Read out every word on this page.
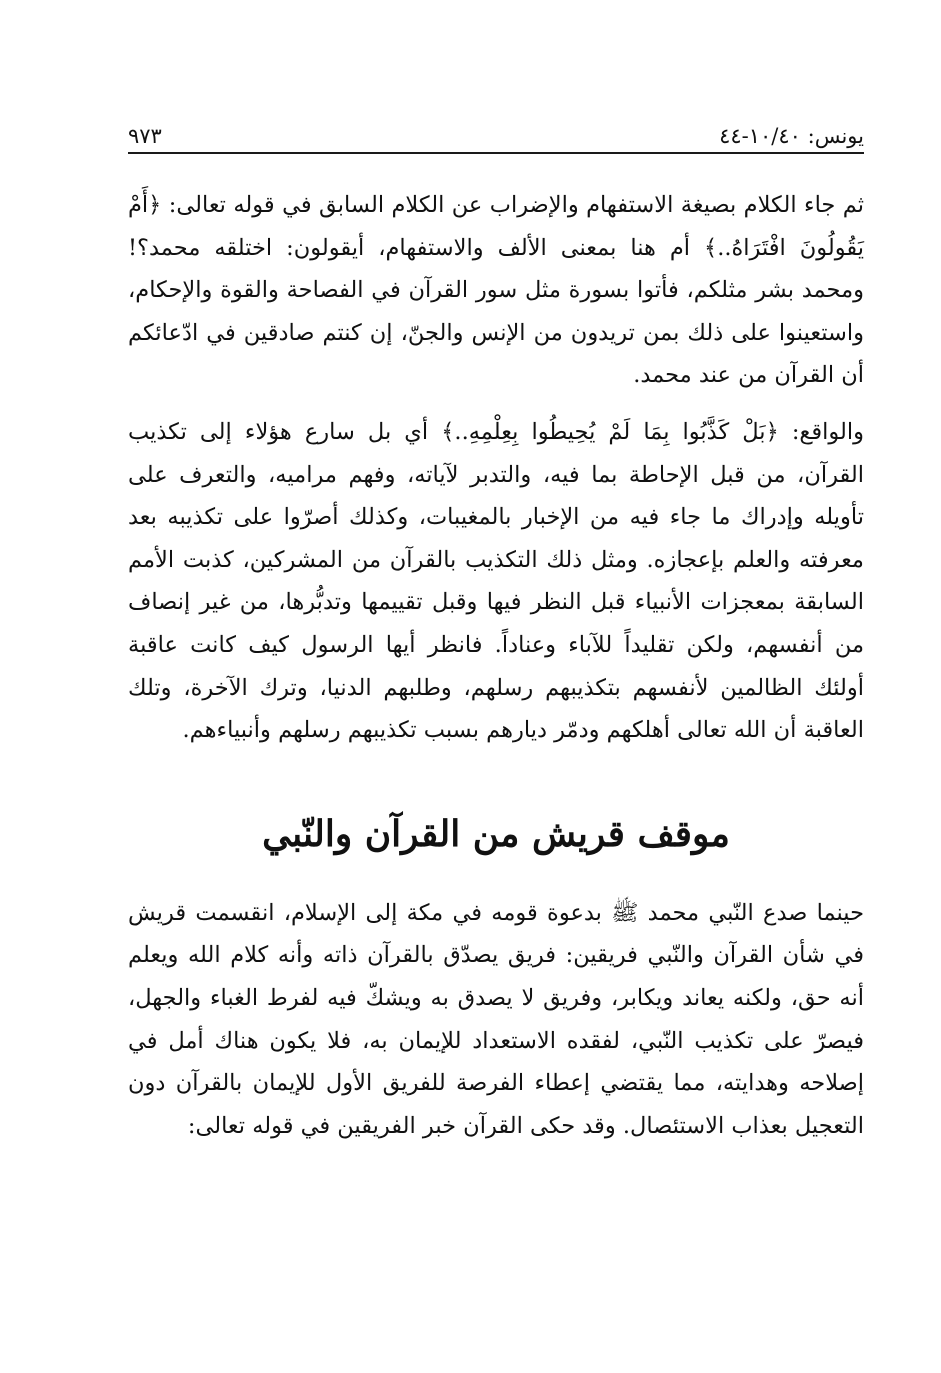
يونس: ١٠/٤٠-٤٤
٩٧٣

ثم جاء الكلام بصيغة الاستفهام والإضراب عن الكلام السابق في قوله تعالى: ﴿أَمْ يَقُولُونَ افْتَرَاهُ..﴾ أم هنا بمعنى الألف والاستفهام، أيقولون: اختلقه محمد؟! ومحمد بشر مثلكم، فأتوا بسورة مثل سور القرآن في الفصاحة والقوة والإحكام، واستعينوا على ذلك بمن تريدون من الإنس والجنّ، إن كنتم صادقين في ادّعائكم أن القرآن من عند محمد.

والواقع: ﴿بَلْ كَذَّبُوا بِمَا لَمْ يُحِيطُوا بِعِلْمِهِ..﴾ أي بل سارع هؤلاء إلى تكذيب القرآن، من قبل الإحاطة بما فيه، والتدبر لآياته، وفهم مراميه، والتعرف على تأويله وإدراك ما جاء فيه من الإخبار بالمغيبات، وكذلك أصرّوا على تكذيبه بعد معرفته والعلم بإعجازه. ومثل ذلك التكذيب بالقرآن من المشركين، كذبت الأمم السابقة بمعجزات الأنبياء قبل النظر فيها وقبل تقييمها وتدبُّرها، من غير إنصاف من أنفسهم، ولكن تقليداً للآباء وعناداً. فانظر أيها الرسول كيف كانت عاقبة أولئك الظالمين لأنفسهم بتكذيبهم رسلهم، وطلبهم الدنيا، وترك الآخرة، وتلك العاقبة أن الله تعالى أهلكهم ودمّر ديارهم بسبب تكذيبهم رسلهم وأنبياءهم.

موقف قريش من القرآن والنّبي

حينما صدع النّبي محمد ﷺ بدعوة قومه في مكة إلى الإسلام، انقسمت قريش في شأن القرآن والنّبي فريقين: فريق يصدّق بالقرآن ذاته وأنه كلام الله ويعلم أنه حق، ولكنه يعاند ويكابر، وفريق لا يصدق به ويشكّ فيه لفرط الغباء والجهل، فيصرّ على تكذيب النّبي، لفقده الاستعداد للإيمان به، فلا يكون هناك أمل في إصلاحه وهدايته، مما يقتضي إعطاء الفرصة للفريق الأول للإيمان بالقرآن دون التعجيل بعذاب الاستئصال. وقد حكى القرآن خبر الفريقين في قوله تعالى:
